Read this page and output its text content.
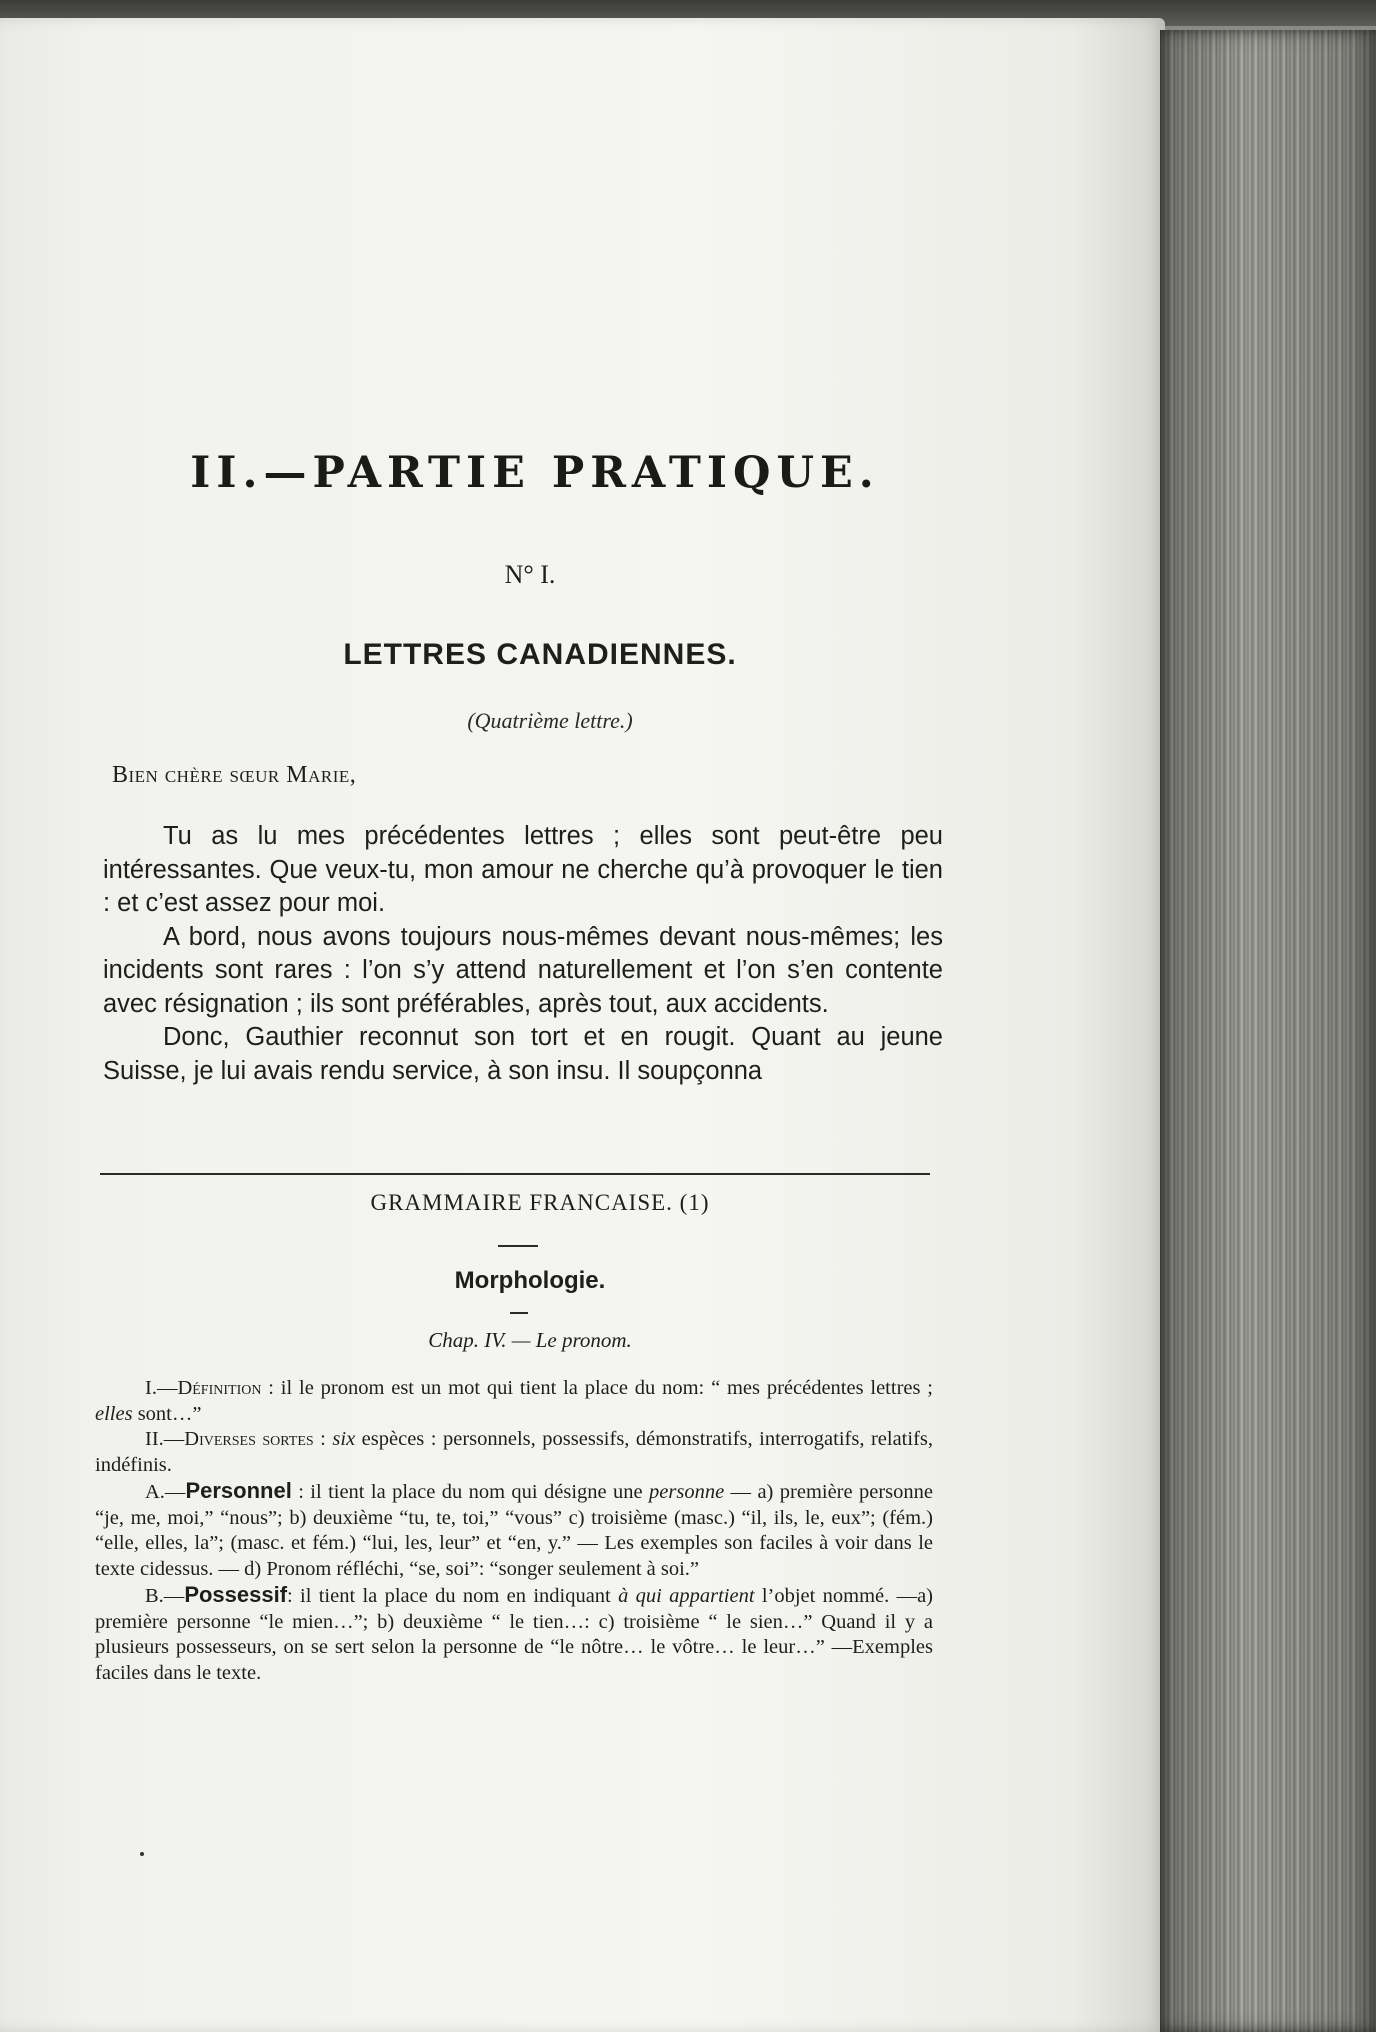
II.—PARTIE PRATIQUE.
N° I.
LETTRES CANADIENNES.
(Quatrième lettre.)
Bien chère sœur Marie,

Tu as lu mes précédentes lettres ; elles sont peut-être peu intéressantes. Que veux-tu, mon amour ne cherche qu’à provoquer le tien : et c’est assez pour moi.

A bord, nous avons toujours nous-mêmes devant nous-mêmes; les incidents sont rares : l’on s’y attend naturellement et l’on s’en contente avec résignation ; ils sont préférables, après tout, aux accidents.

Donc, Gauthier reconnut son tort et en rougit. Quant au jeune Suisse, je lui avais rendu service, à son insu. Il soupçonna

GRAMMAIRE FRANCAISE. (1)
Morphologie.
Chap. IV. — Le pronom.

I.—Définition : il le pronom est un mot qui tient la place du nom: “ mes précédentes lettres ; elles sont…”

II.—Diverses sortes : six espèces : personnels, possessifs, démonstratifs, interrogatifs, relatifs, indéfinis.

A.—Personnel : il tient la place du nom qui désigne une personne — a) première personne “je, me, moi,” “nous”; b) deuxième “tu, te, toi,” “vous” c) troisième (masc.) “il, ils, le, eux”; (fém.) “elle, elles, la”; (masc. et fém.) “lui, les, leur” et “en, y.” — Les exemples son faciles à voir dans le texte cidessus. — d) Pronom réfléchi, “se, soi”: “songer seulement à soi.”

B.—Possessif: il tient la place du nom en indiquant à qui appartient l’objet nommé. —a) première personne “le mien…”; b) deuxième “ le tien…: c) troisième “ le sien…” Quand il y a plusieurs possesseurs, on se sert selon la personne de “le nôtre… le vôtre… le leur…” —Exemples faciles dans le texte.
